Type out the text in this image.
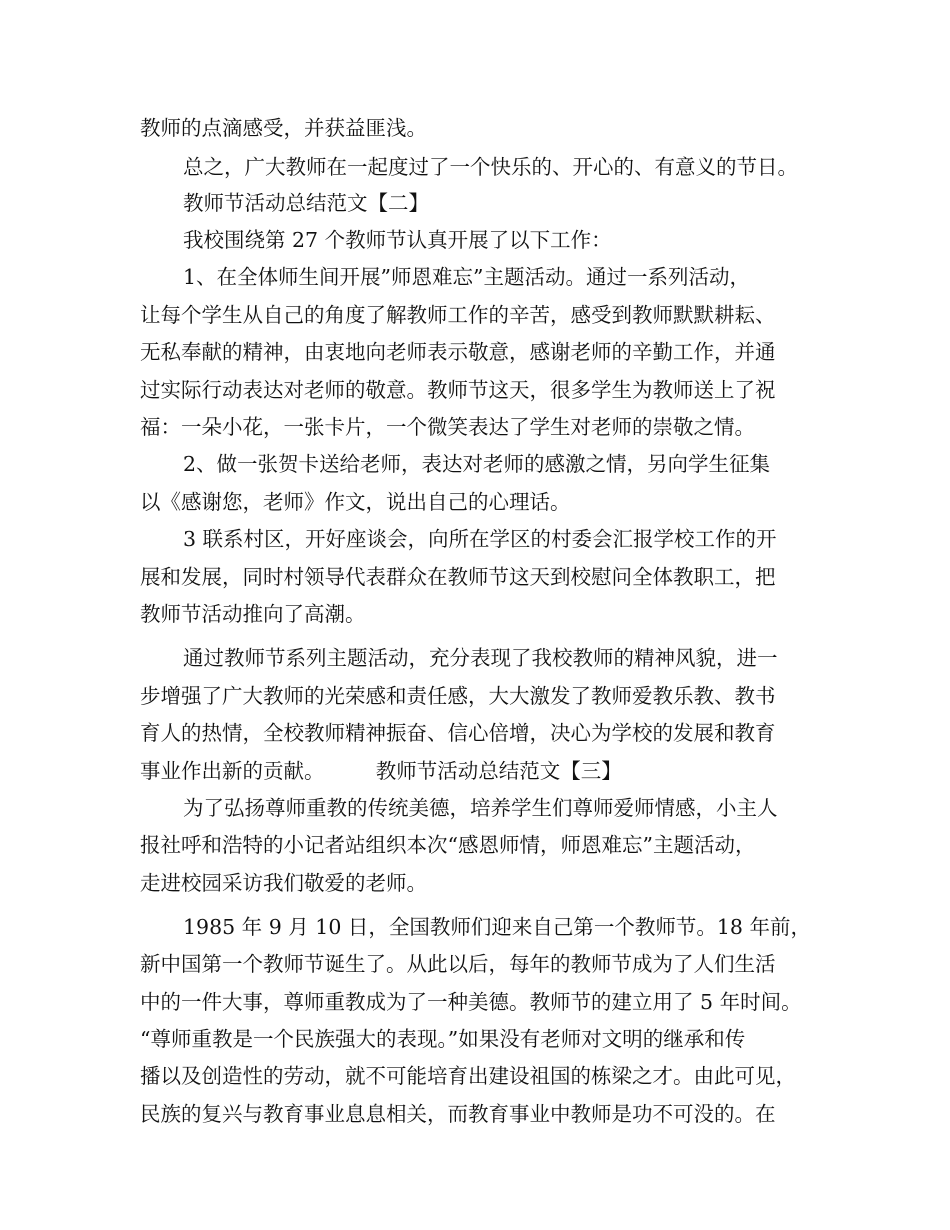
教师的点滴感受，并获益匪浅。

总之，广大教师在一起度过了一个快乐的、开心的、有意义的节日。

教师节活动总结范文【二】

我校围绕第 27 个教师节认真开展了以下工作：

1、在全体师生间开展”师恩难忘”主题活动。通过一系列活动，

让每个学生从自己的角度了解教师工作的辛苦，感受到教师默默耕耘、

无私奉献的精神，由衷地向老师表示敬意，感谢老师的辛勤工作，并通

过实际行动表达对老师的敬意。教师节这天，很多学生为教师送上了祝

福：一朵小花，一张卡片，一个微笑表达了学生对老师的崇敬之情。

2、做一张贺卡送给老师，表达对老师的感激之情，另向学生征集

以《感谢您，老师》作文，说出自己的心理话。

3 联系村区，开好座谈会，向所在学区的村委会汇报学校工作的开

展和发展，同时村领导代表群众在教师节这天到校慰问全体教职工，把

教师节活动推向了高潮。

通过教师节系列主题活动，充分表现了我校教师的精神风貌，进一

步增强了广大教师的光荣感和责任感，大大激发了教师爱教乐教、教书

育人的热情，全校教师精神振奋、信心倍增，决心为学校的发展和教育

事业作出新的贡献。　　　教师节活动总结范文【三】

为了弘扬尊师重教的传统美德，培养学生们尊师爱师情感，小主人

报社呼和浩特的小记者站组织本次“感恩师情，师恩难忘”主题活动，

走进校园采访我们敬爱的老师。

1985 年 9 月 10 日，全国教师们迎来自己第一个教师节。18 年前，

新中国第一个教师节诞生了。从此以后，每年的教师节成为了人们生活

中的一件大事，尊师重教成为了一种美德。教师节的建立用了 5 年时间。

“尊师重教是一个民族强大的表现。”如果没有老师对文明的继承和传

播以及创造性的劳动，就不可能培育出建设祖国的栋梁之才。由此可见，

民族的复兴与教育事业息息相关，而教育事业中教师是功不可没的。在
